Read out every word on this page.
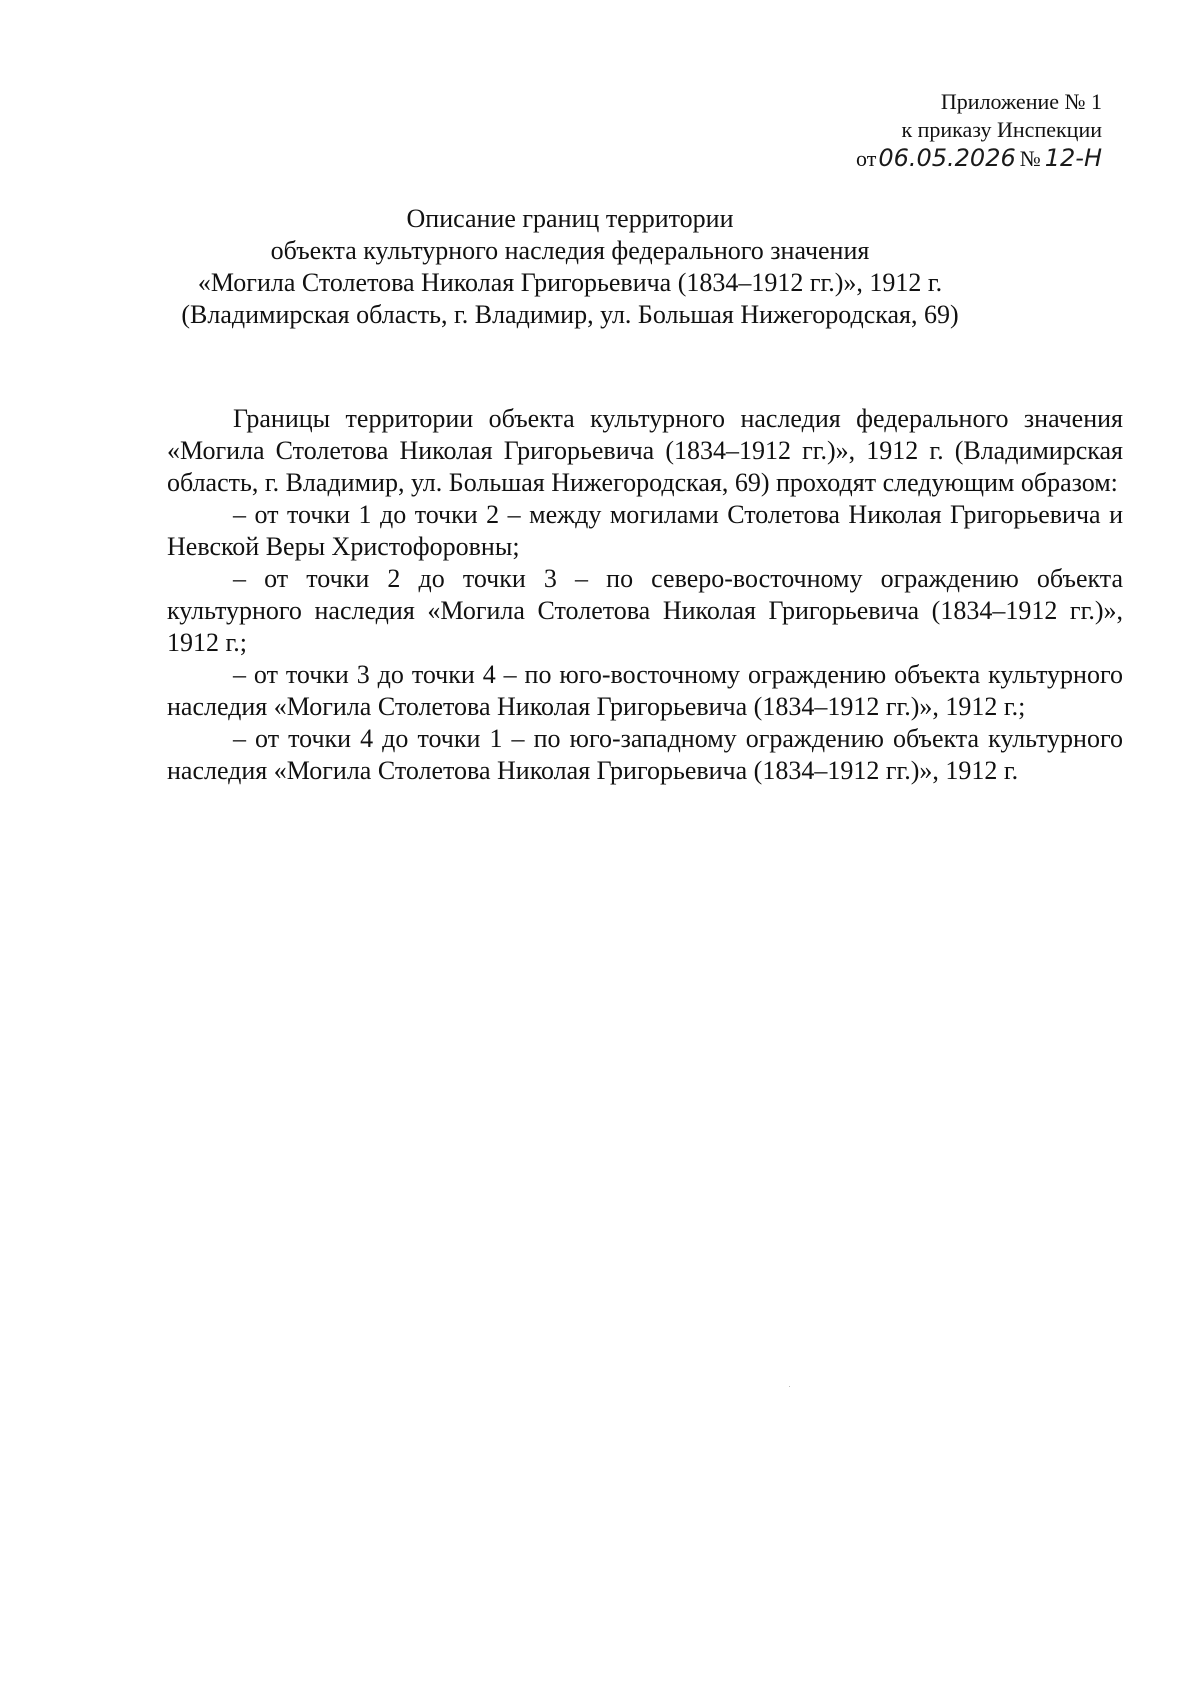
Приложение № 1
к приказу Инспекции
от06.05.2026 № 12-Н
Описание границ территории
объекта культурного наследия федерального значения
«Могила Столетова Николая Григорьевича (1834–1912 гг.)», 1912 г.
(Владимирская область, г. Владимир, ул. Большая Нижегородская, 69)

Границы территории объекта культурного наследия федерального значения «Могила Столетова Николая Григорьевича (1834–1912 гг.)», 1912 г. (Владимирская область, г. Владимир, ул. Большая Нижегородская, 69) проходят следующим образом:

– от точки 1 до точки 2 – между могилами Столетова Николая Григорьевича и Невской Веры Христофоровны;

– от точки 2 до точки 3 – по северо-восточному ограждению объекта культурного наследия «Могила Столетова Николая Григорьевича (1834–1912 гг.)», 1912 г.;

– от точки 3 до точки 4 – по юго-восточному ограждению объекта культурного наследия «Могила Столетова Николая Григорьевича (1834–1912 гг.)», 1912 г.;

– от точки 4 до точки 1 – по юго-западному ограждению объекта культурного наследия «Могила Столетова Николая Григорьевича (1834–1912 гг.)», 1912 г.
